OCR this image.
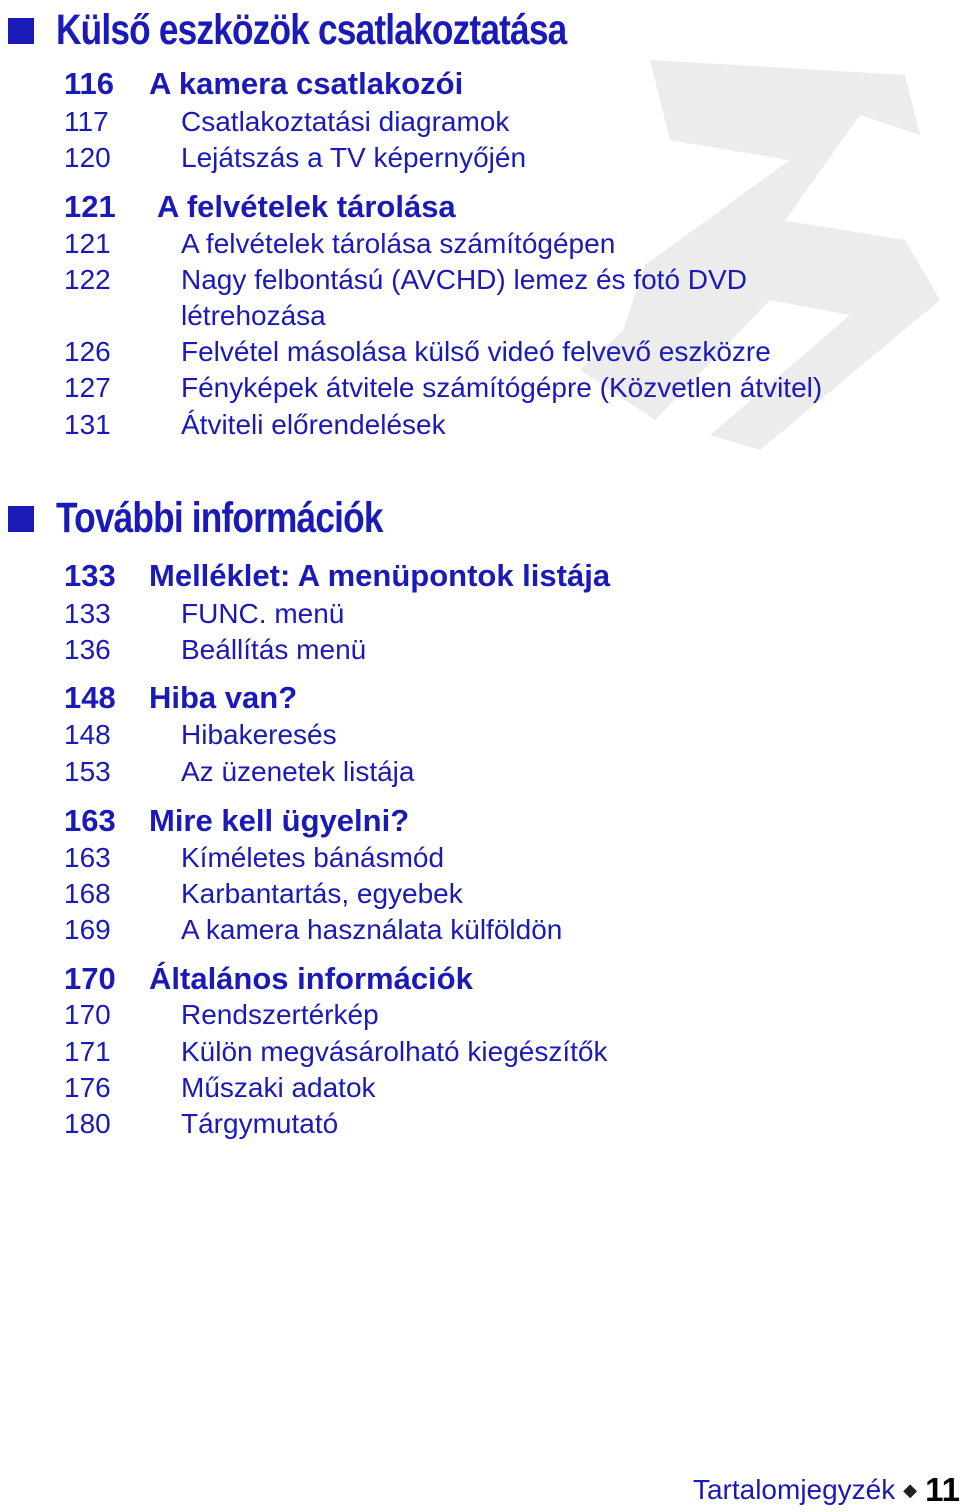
Külső eszközök csatlakoztatása
116 A kamera csatlakozói
117	Csatlakoztatási diagramok
120	Lejátszás a TV képernyőjén
121 A felvételek tárolása
121	A felvételek tárolása számítógépen
122	Nagy felbontású (AVCHD) lemez és fotó DVD
létrehozása
126	Felvétel másolása külső videó felvevő eszközre
127	Fényképek átvitele számítógépre (Közvetlen átvitel)
131	Átviteli előrendelések
További információk
133 Melléklet: A menüpontok listája
133	FUNC. menü
136	Beállítás menü
148 Hiba van?
148	Hibakeresés
153	Az üzenetek listája
163 Mire kell ügyelni?
163	Kíméletes bánásmód
168	Karbantartás, egyebek
169	A kamera használata külföldön
170 Általános információk
170	Rendszertérkép
171	Külön megvásárolható kiegészítők
176	Műszaki adatok
180	Tárgymutató
Tartalomjegyzék ◆ 11
